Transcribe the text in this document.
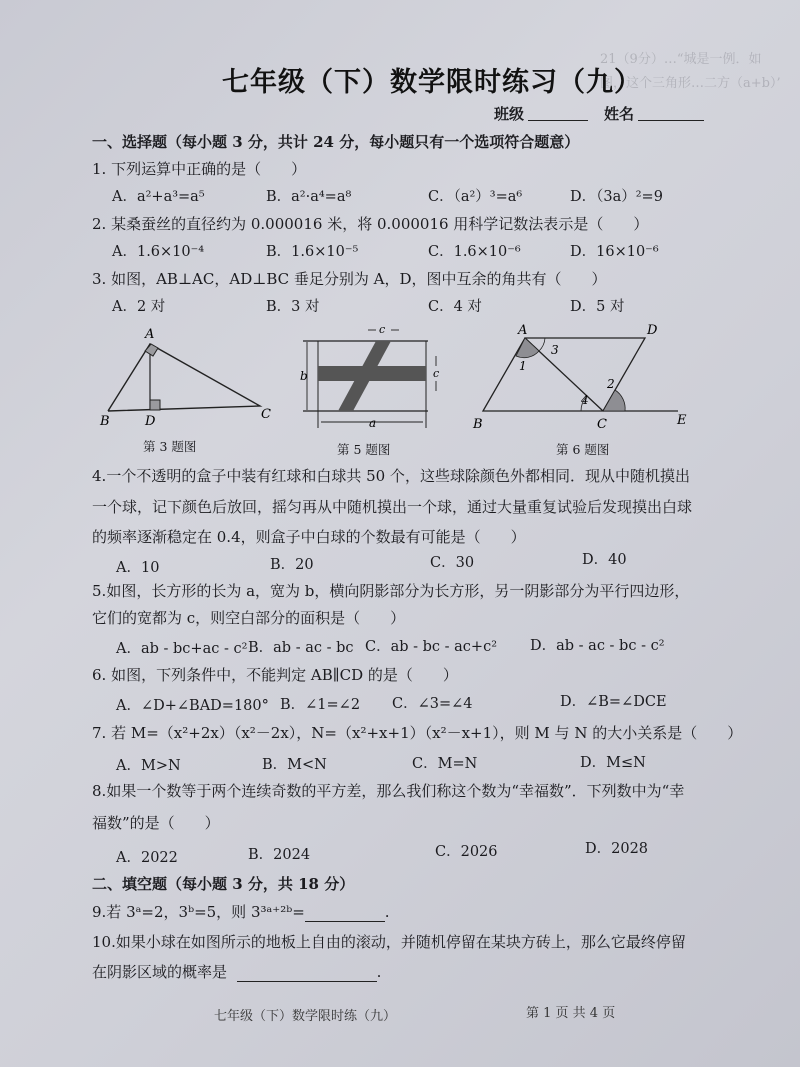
21（9分）…“城是一例．如
图，这个三角形…二方（a+b）’
七年级（下）数学限时练习（九）
班级	姓名
一、选择题（每小题 3 分，共计 24 分，每小题只有一个选项符合题意）
1. 下列运算中正确的是（　　）
A．a²+a³=a⁵	B．a²·a⁴=a⁸	C．（a²）³=a⁶	D．（3a）²=9
2. 某桑蚕丝的直径约为 0.000016 米，将 0.000016 用科学记数法表示是（　　）
A．1.6×10⁻⁴	B．1.6×10⁻⁵	C．1.6×10⁻⁶	D．16×10⁻⁶
3. 如图，AB⊥AC，AD⊥BC 垂足分别为 A，D，图中互余的角共有（　　）
A．2 对	B．3 对	C．4 对	D．5 对
A
B	D	C
第 3 题图
b
a
c
c
第 5 题图
A	D
B	C	E
1
2
3
4
第 6 题图
4.一个不透明的盒子中装有红球和白球共 50 个，这些球除颜色外都相同．现从中随机摸出
一个球，记下颜色后放回，摇匀再从中随机摸出一个球，通过大量重复试验后发现摸出白球
的频率逐渐稳定在 0.4，则盒子中白球的个数最有可能是（　　）
A．10	B．20	C．30	D．40
5.如图，长方形的长为 a，宽为 b，横向阴影部分为长方形，另一阴影部分为平行四边形，
它们的宽都为 c，则空白部分的面积是（　　）
A．ab - bc+ac - c² B．ab - ac - bc C．ab - bc - ac+c² D．ab - ac - bc - c²
6. 如图，下列条件中，不能判定 AB∥CD 的是（　　）
A．∠D+∠BAD=180° B．∠1=∠2 C．∠3=∠4	D．∠B=∠DCE
7. 若 M=（x²+2x）（x²－2x），N=（x²+x+1）（x²－x+1），则 M 与 N 的大小关系是（　　）
A．M>N	B．M<N	C．M=N	D．M≤N
8.如果一个数等于两个连续奇数的平方差，那么我们称这个数为“幸福数”．下列数中为“幸
福数”的是（　　）
A．2022	B．2024	C．2026	D．2028
二、填空题（每小题 3 分，共 18 分）
9.若 3ᵃ=2，3ᵇ=5，则 3³ᵃ⁺²ᵇ=	.
10.如果小球在如图所示的地板上自由的滚动，并随机停留在某块方砖上，那么它最终停留
在阴影区域的概率是	.
七年级（下）数学限时练（九）	第 1 页 共 4 页
